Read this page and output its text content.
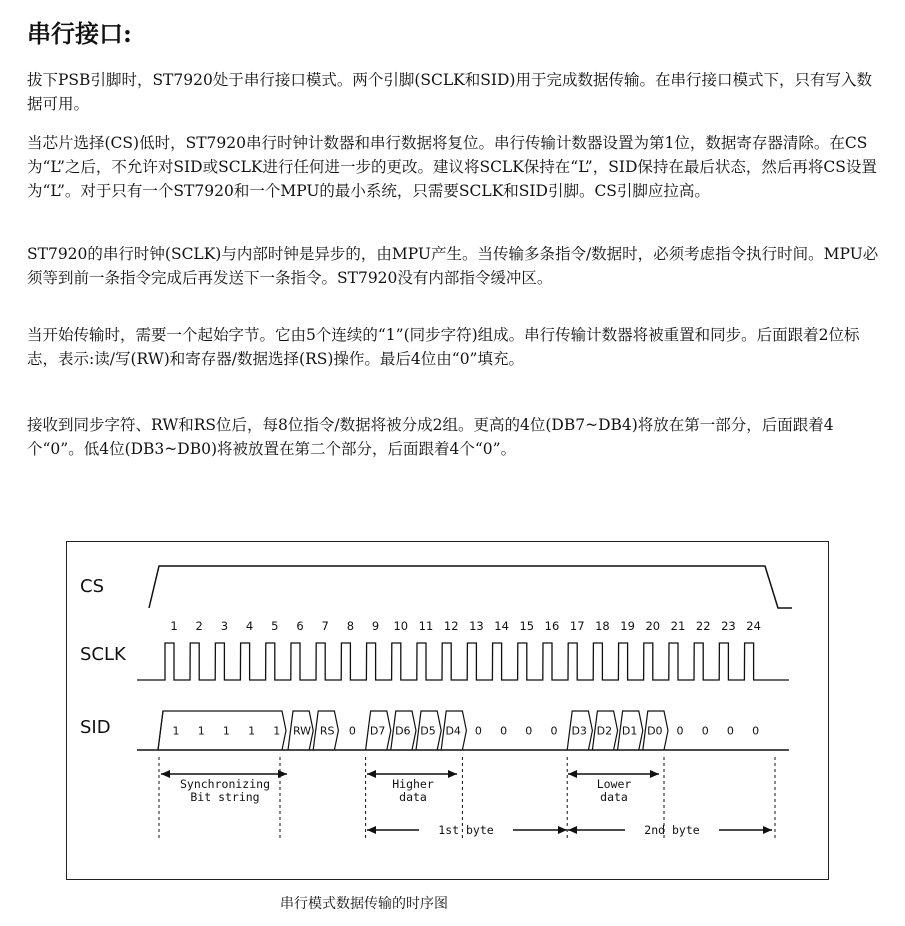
串行接口:
拔下PSB引脚时，ST7920处于串行接口模式。两个引脚(SCLK和SID)用于完成数据传输。在串行接口模式下，只有写入数据可用。
当芯片选择(CS)低时，ST7920串行时钟计数器和串行数据将复位。串行传输计数器设置为第1位，数据寄存器清除。在CS为“L”之后，不允许对SID或SCLK进行任何进一步的更改。建议将SCLK保持在“L”，SID保持在最后状态，然后再将CS设置为“L”。对于只有一个ST7920和一个MPU的最小系统，只需要SCLK和SID引脚。CS引脚应拉高。
ST7920的串行时钟(SCLK)与内部时钟是异步的，由MPU产生。当传输多条指令/数据时，必须考虑指令执行时间。MPU必须等到前一条指令完成后再发送下一条指令。ST7920没有内部指令缓冲区。
当开始传输时，需要一个起始字节。它由5个连续的“1”(同步字符)组成。串行传输计数器将被重置和同步。后面跟着2位标志，表示:读/写(RW)和寄存器/数据选择(RS)操作。最后4位由“0”填充。
接收到同步字符、RW和RS位后，每8位指令/数据将被分成2组。更高的4位(DB7~DB4)将放在第一部分，后面跟着4个“0”。低4位(DB3~DB0)将被放置在第二个部分，后面跟着4个“0”。
CS
SCLK
SID
1 2 3 4 5 6 7 8 9 10 11 12 13 14 15 16 17 18 19 20 21 22 23 24
1 1 1 1 1 RW RS 0 D7 D6 D5 D4 0 0 0 0 D3 D2 D1 D0 0 0 0 0
Synchronizing
Bit string
Higher
data
Lower
data
1st byte	2nd byte
串行模式数据传输的时序图
